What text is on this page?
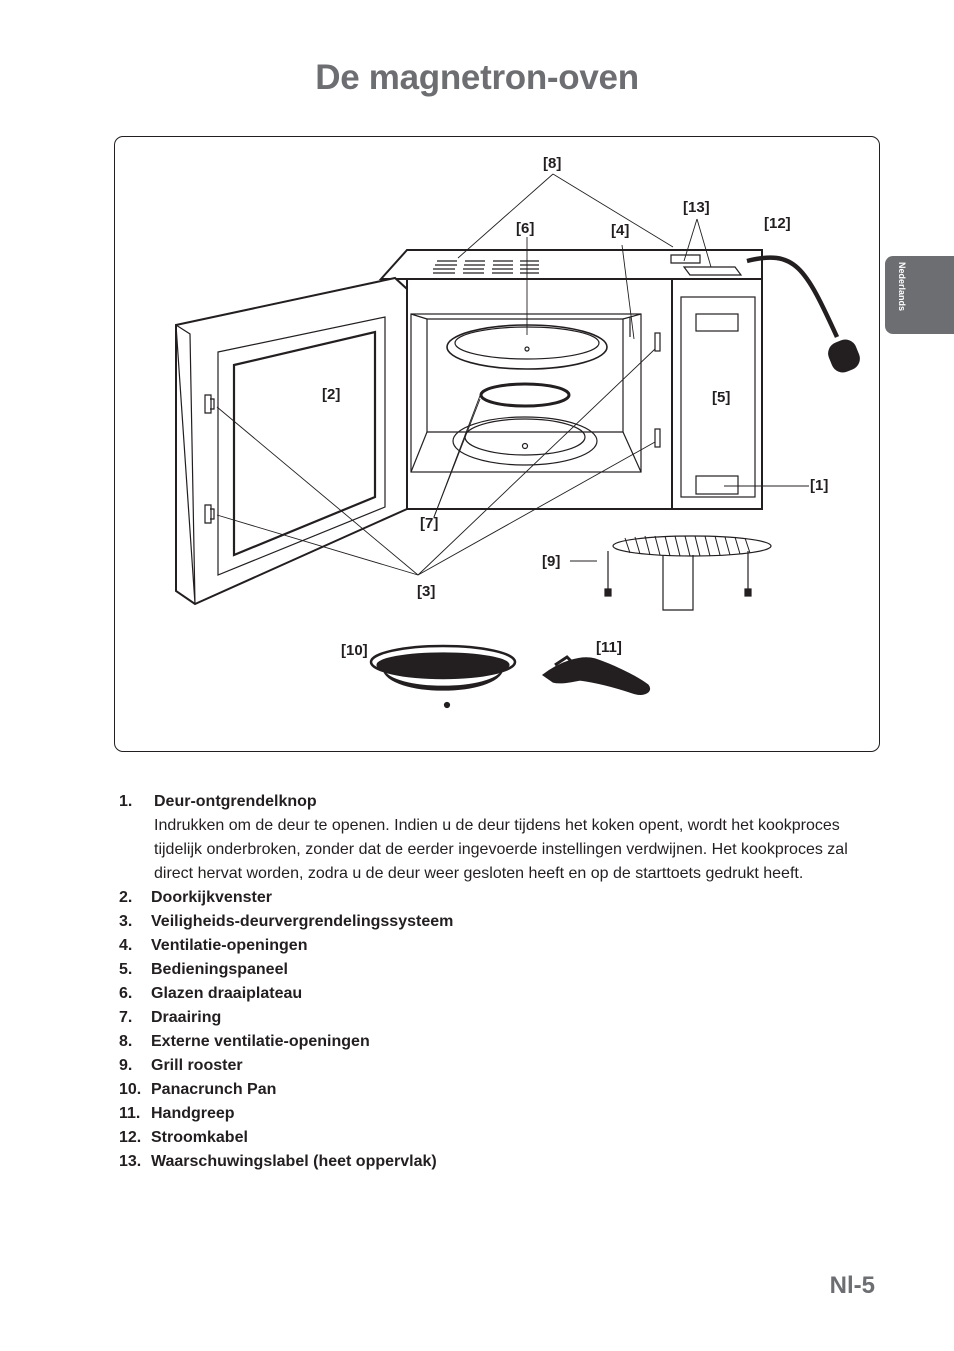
De magnetron-oven
Nederlands
[8]
[13]
[12]
[6]	[4]
[2]	[5]
[1]
[7]
[9]
[3]
[10]	[11]
1. Deur-ontgrendelknop
Indrukken om de deur te openen. Indien u de deur tijdens het koken opent, wordt het kookproces tijdelijk onderbroken, zonder dat de eerder ingevoerde instellingen verdwijnen. Het kookproces zal direct hervat worden, zodra u de deur weer gesloten heeft en op de starttoets gedrukt heeft.
2. Doorkijkvenster
3. Veiligheids-deurvergrendelingssysteem
4. Ventilatie-openingen
5. Bedieningspaneel
6. Glazen draaiplateau
7. Draairing
8. Externe ventilatie-openingen
9. Grill rooster
10. Panacrunch Pan
11. Handgreep
12. Stroomkabel
13. Waarschuwingslabel (heet oppervlak)
Nl-5
